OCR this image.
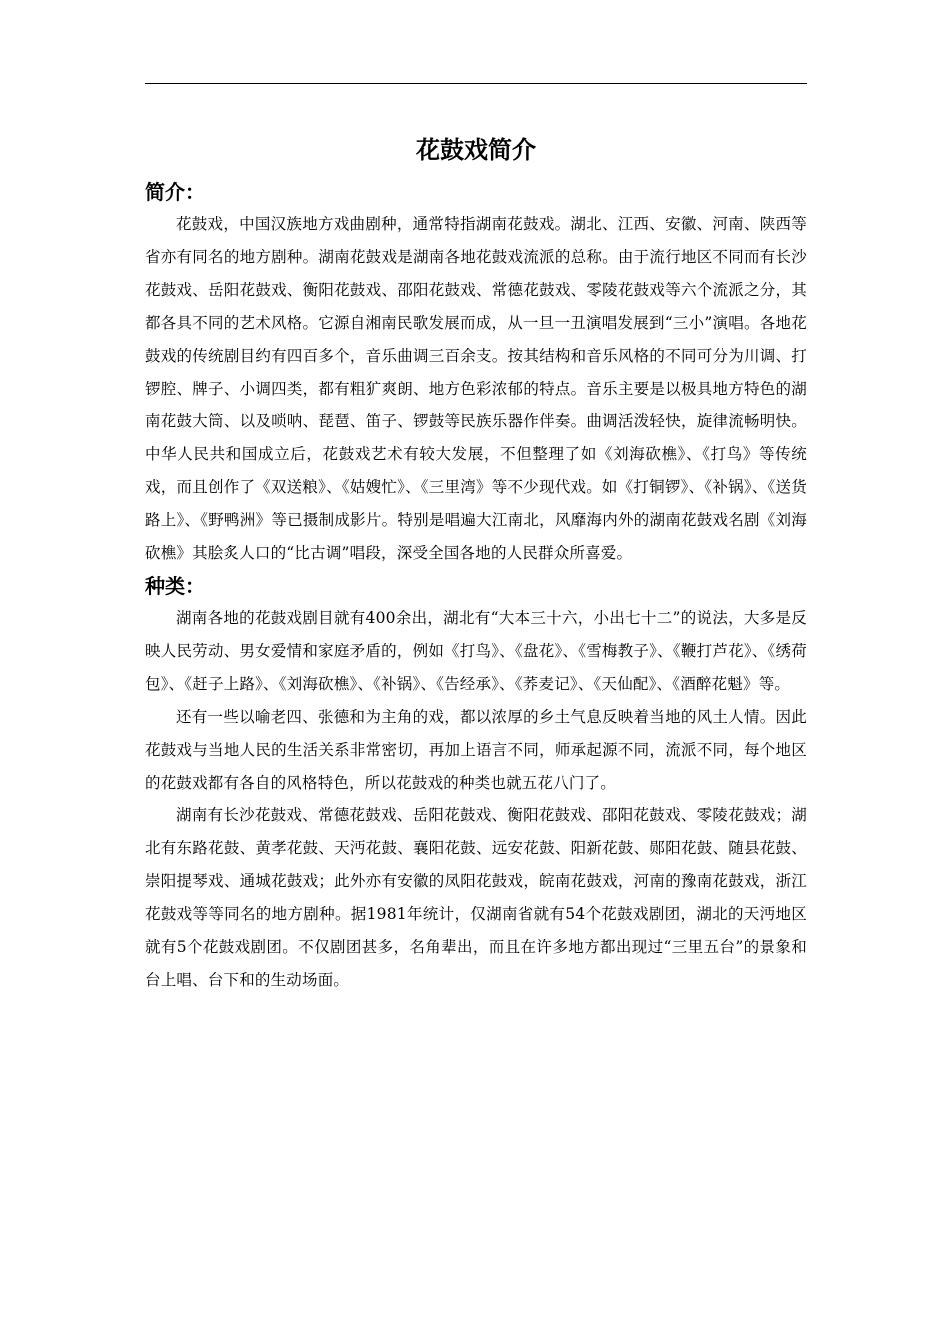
花鼓戏简介
简介：

花鼓戏，中国汉族地方戏曲剧种，通常特指湖南花鼓戏。湖北、江西、安徽、河南、陕西等省亦有同名的地方剧种。湖南花鼓戏是湖南各地花鼓戏流派的总称。由于流行地区不同而有长沙花鼓戏、岳阳花鼓戏、衡阳花鼓戏、邵阳花鼓戏、常德花鼓戏、零陵花鼓戏等六个流派之分，其都各具不同的艺术风格。它源自湘南民歌发展而成，从一旦一丑演唱发展到“三小”演唱。各地花鼓戏的传统剧目约有四百多个，音乐曲调三百余支。按其结构和音乐风格的不同可分为川调、打锣腔、牌子、小调四类，都有粗犷爽朗、地方色彩浓郁的特点。音乐主要是以极具地方特色的湖南花鼓大筒、以及唢呐、琵琶、笛子、锣鼓等民族乐器作伴奏。曲调活泼轻快，旋律流畅明快。中华人民共和国成立后，花鼓戏艺术有较大发展，不但整理了如《刘海砍樵》、《打鸟》等传统戏，而且创作了《双送粮》、《姑嫂忙》、《三里湾》等不少现代戏。如《打铜锣》、《补锅》、《送货路上》、《野鸭洲》等已摄制成影片。特别是唱遍大江南北，风靡海内外的湖南花鼓戏名剧《刘海砍樵》其脍炙人口的“比古调”唱段，深受全国各地的人民群众所喜爱。

种类：

湖南各地的花鼓戏剧目就有400余出，湖北有“大本三十六，小出七十二”的说法，大多是反映人民劳动、男女爱情和家庭矛盾的，例如《打鸟》、《盘花》、《雪梅教子》、《鞭打芦花》、《绣荷包》、《赶子上路》、《刘海砍樵》、《补锅》、《告经承》、《荞麦记》、《天仙配》、《酒醉花魁》等。

还有一些以喻老四、张德和为主角的戏，都以浓厚的乡土气息反映着当地的风土人情。因此花鼓戏与当地人民的生活关系非常密切，再加上语言不同，师承起源不同，流派不同，每个地区的花鼓戏都有各自的风格特色，所以花鼓戏的种类也就五花八门了。

湖南有长沙花鼓戏、常德花鼓戏、岳阳花鼓戏、衡阳花鼓戏、邵阳花鼓戏、零陵花鼓戏；湖北有东路花鼓、黄孝花鼓、天沔花鼓、襄阳花鼓、远安花鼓、阳新花鼓、郧阳花鼓、随县花鼓、崇阳提琴戏、通城花鼓戏；此外亦有安徽的凤阳花鼓戏，皖南花鼓戏，河南的豫南花鼓戏，浙江花鼓戏等等同名的地方剧种。据1981年统计，仅湖南省就有54个花鼓戏剧团，湖北的天沔地区就有5个花鼓戏剧团。不仅剧团甚多，名角辈出，而且在许多地方都出现过“三里五台”的景象和台上唱、台下和的生动场面。
